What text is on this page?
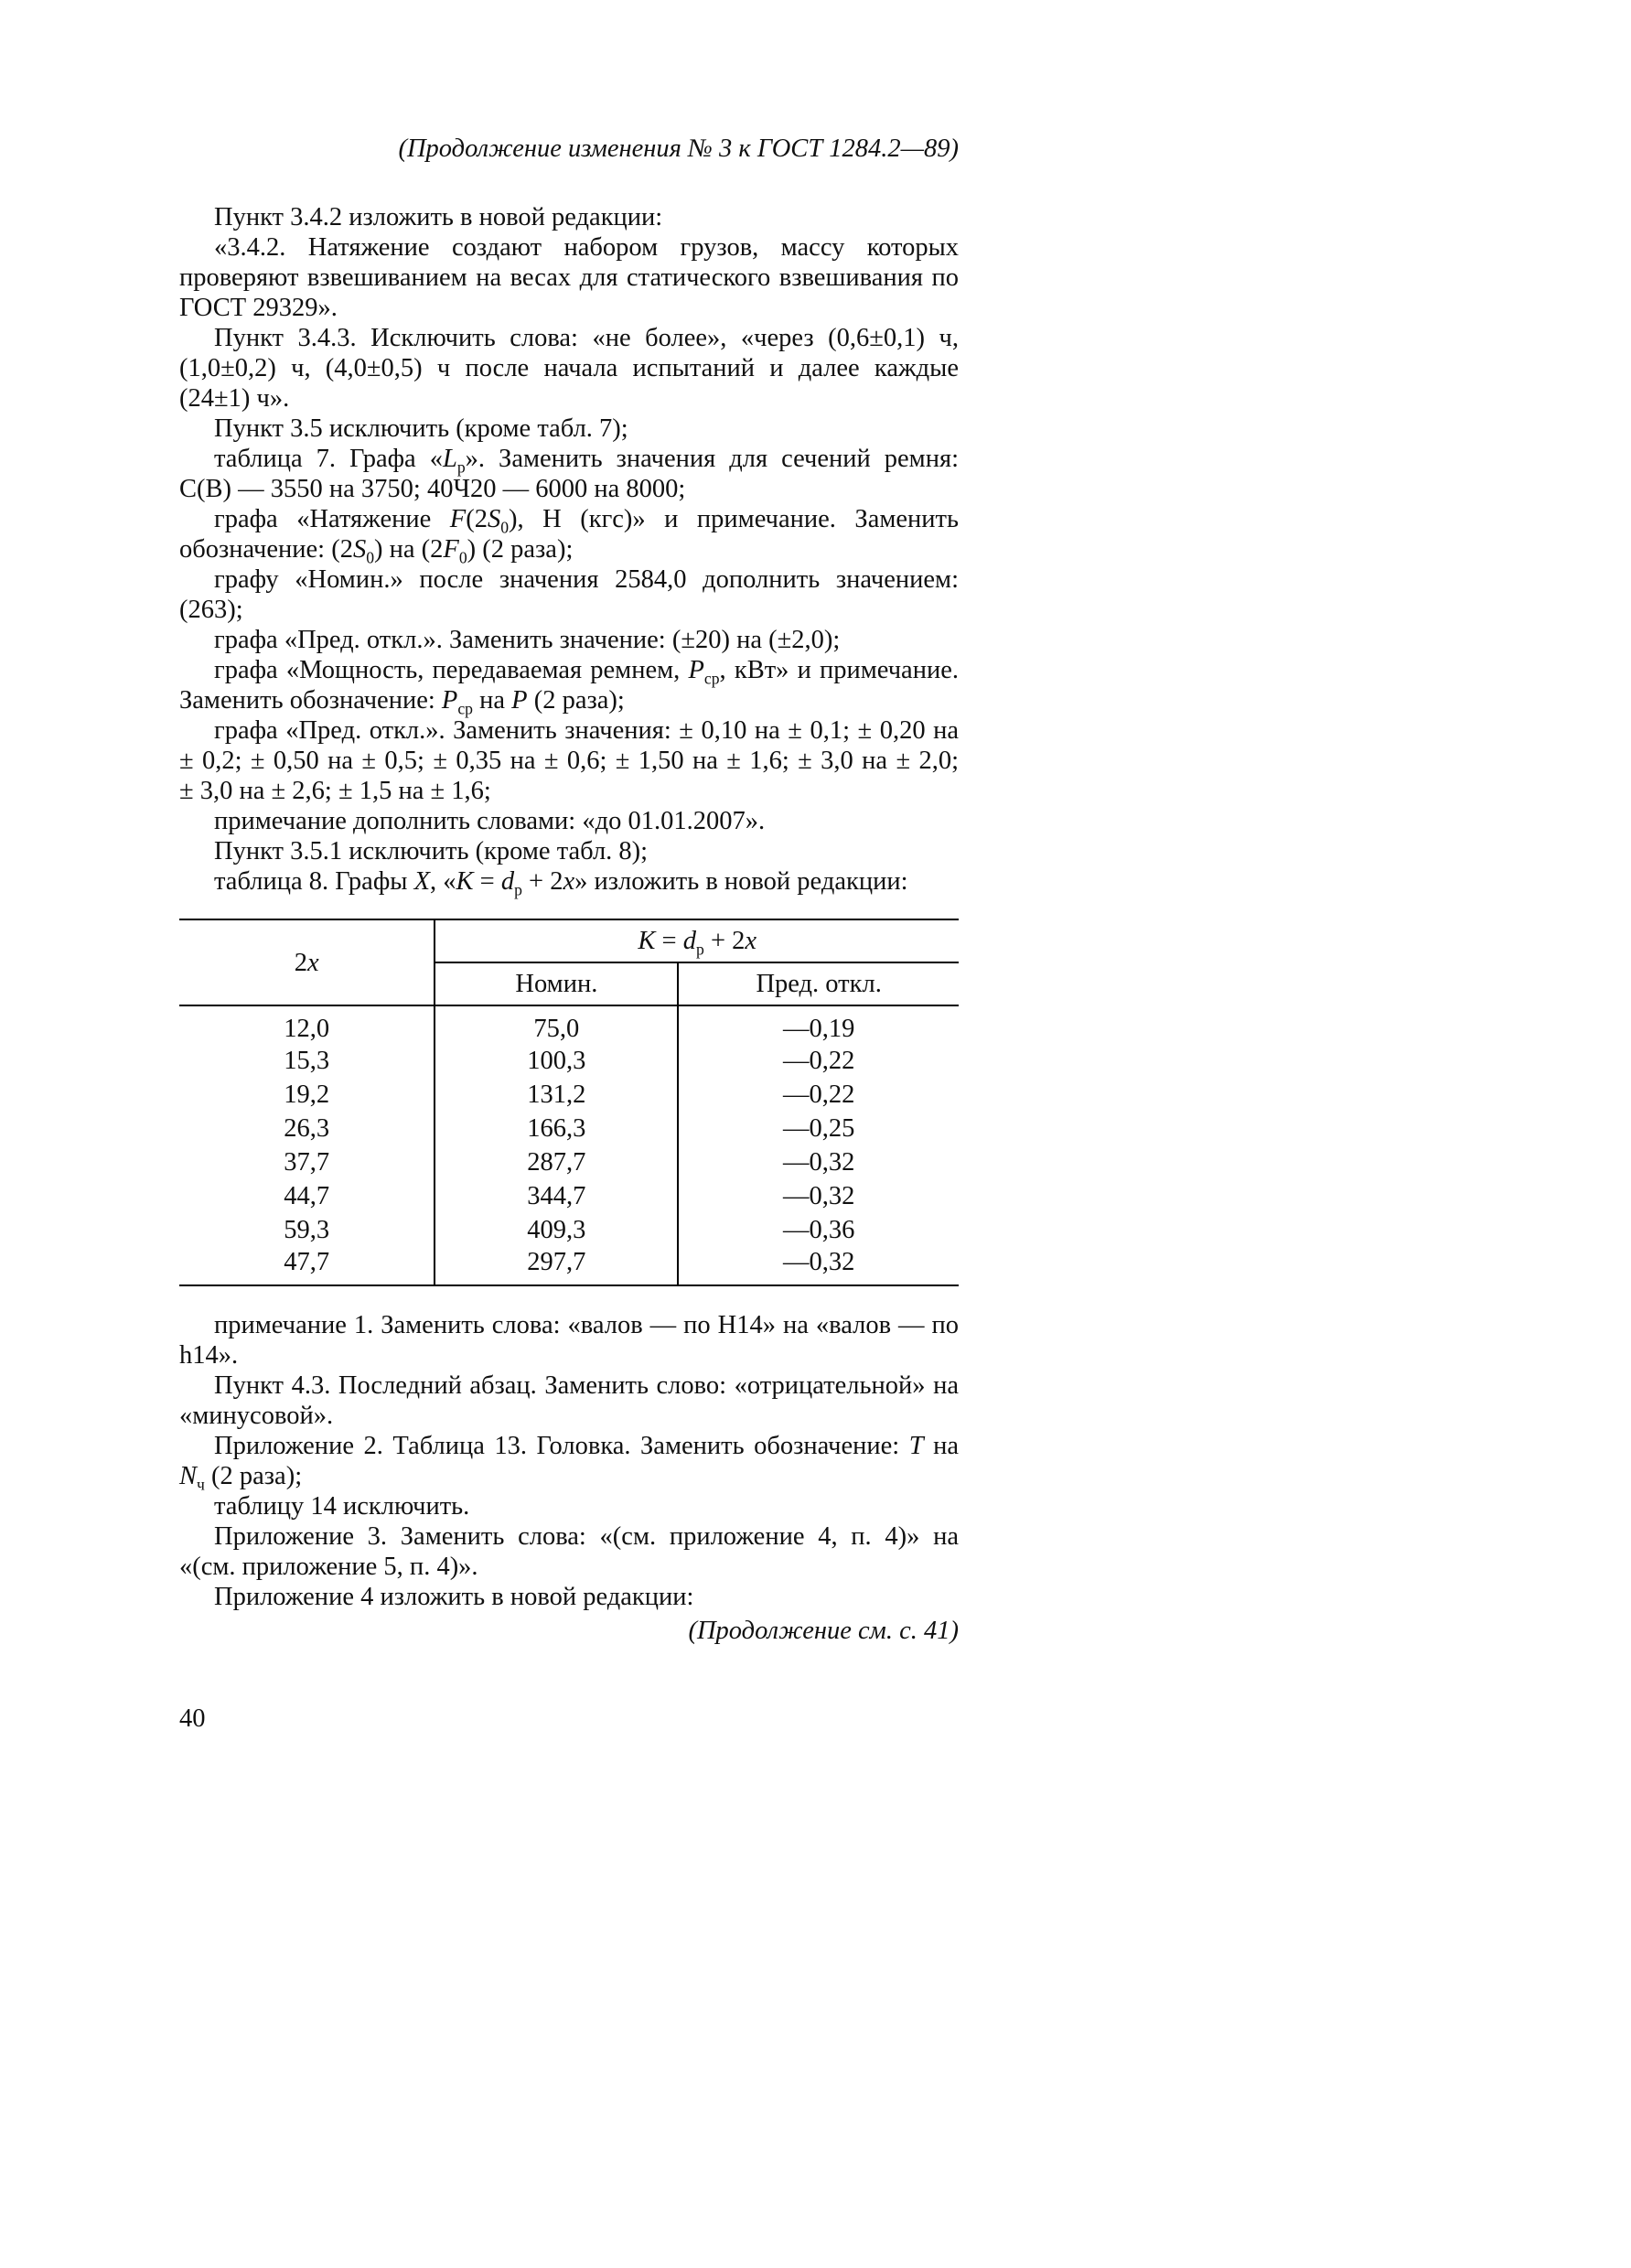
(Продолжение изменения № 3 к ГОСТ 1284.2—89)

Пункт 3.4.2 изложить в новой редакции:

«3.4.2. Натяжение создают набором грузов, массу которых проверяют взвешиванием на весах для статического взвешивания по ГОСТ 29329».

Пункт 3.4.3. Исключить слова: «не более», «через (0,6±0,1) ч, (1,0±0,2) ч, (4,0±0,5) ч после начала испытаний и далее каждые (24±1) ч».

Пункт 3.5 исключить (кроме табл. 7);

таблица 7. Графа «$L_р$». Заменить значения для сечений ремня: С(В) — 3550 на 3750; 40Ч20 — 6000 на 8000;

графа «Натяжение $F(2S_0)$, Н (кгс)» и примечание. Заменить обозначение: $(2S_0)$ на $(2F_0)$ (2 раза);

графу «Номин.» после значения 2584,0 дополнить значением: (263);

графа «Пред. откл.». Заменить значение: (±20) на (±2,0);

графа «Мощность, передаваемая ремнем, $P_{ср}$, кВт» и примечание. Заменить обозначение: $P_{ср}$ на P (2 раза);

графа «Пред. откл.». Заменить значения: ± 0,10 на ± 0,1; ± 0,20 на ± 0,2; ± 0,50 на ± 0,5; ± 0,35 на ± 0,6; ± 1,50 на ± 1,6; ± 3,0 на ± 2,0; ± 3,0 на ± 2,6; ± 1,5 на ± 1,6;

примечание дополнить словами: «до 01.01.2007».

Пункт 3.5.1 исключить (кроме табл. 8);

таблица 8. Графы X, «$K = d_р + 2x$» изложить в новой редакции:

2x	$K = d_р + 2x$	
	Номин.	Пред. откл.
12,0	75,0	—0,19
15,3	100,3	—0,22
19,2	131,2	—0,22
26,3	166,3	—0,25
37,7	287,7	—0,32
44,7	344,7	—0,32
59,3	409,3	—0,36
47,7	297,7	—0,32

примечание 1. Заменить слова: «валов — по Н14» на «валов — по h14».

Пункт 4.3. Последний абзац. Заменить слово: «отрицательной» на «минусовой».

Приложение 2. Таблица 13. Головка. Заменить обозначение: T на $N_ч$ (2 раза);

таблицу 14 исключить.

Приложение 3. Заменить слова: «(см. приложение 4, п. 4)» на «(см. приложение 5, п. 4)».

Приложение 4 изложить в новой редакции:

(Продолжение см. с. 41)
40
